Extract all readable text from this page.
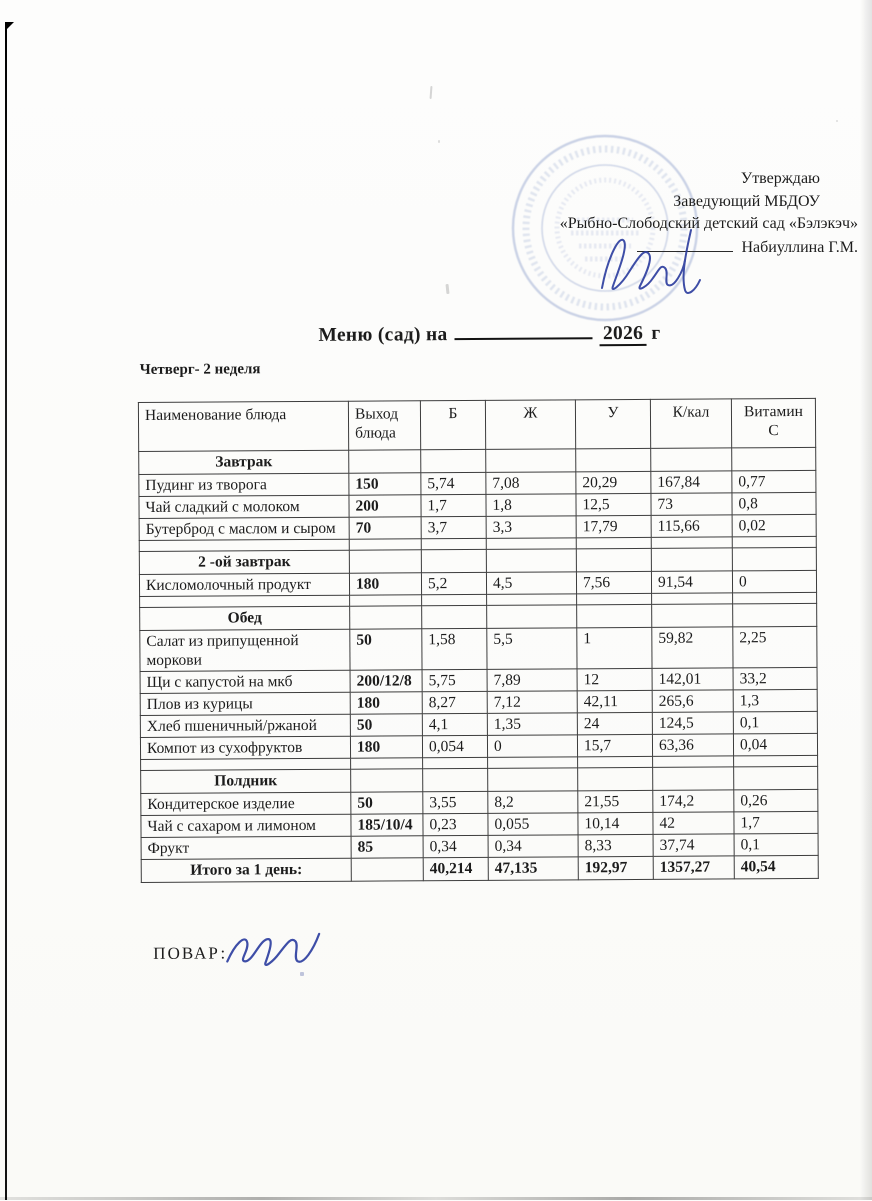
Утверждаю
Заведующий МБДОУ
«Рыбно-Слободский детский сад «Бэлэкэч»
Набиуллина Г.М.
Меню (сад) на	2026 г
Четверг- 2 неделя
Наименование блюда	Выход блюда	Б	Ж	У	К/кал	Витамин С
Завтрак						
Пудинг из творога	150	5,74	7,08	20,29	167,84	0,77
Чай сладкий с молоком	200	1,7	1,8	12,5	73	0,8
Бутерброд с маслом и сыром	70	3,7	3,3	17,79	115,66	0,02

2 -ой завтрак						
Кисломолочный продукт	180	5,2	4,5	7,56	91,54	0

Обед						
Салат из припущенной моркови	50	1,58	5,5	1	59,82	2,25
Щи с капустой на мкб	200/12/8	5,75	7,89	12	142,01	33,2
Плов из курицы	180	8,27	7,12	42,11	265,6	1,3
Хлеб пшеничный/ржаной	50	4,1	1,35	24	124,5	0,1
Компот из сухофруктов	180	0,054	0	15,7	63,36	0,04

Полдник						
Кондитерское изделие	50	3,55	8,2	21,55	174,2	0,26
Чай с сахаром и лимоном	185/10/4	0,23	0,055	10,14	42	1,7
Фрукт	85	0,34	0,34	8,33	37,74	0,1
Итого за 1 день:		40,214	47,135	192,97	1357,27	40,54
ПОВАР:
